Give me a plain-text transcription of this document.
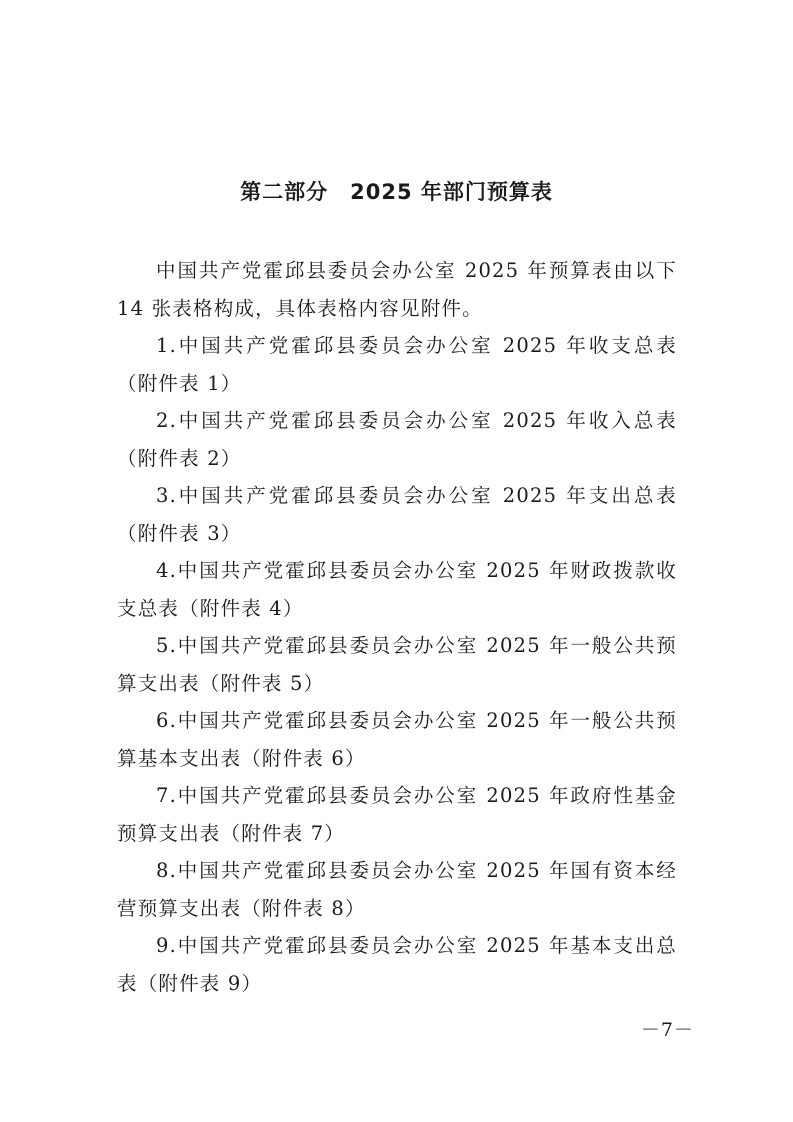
第二部分 2025 年部门预算表

中国共产党霍邱县委员会办公室 2025 年预算表由以下 14 张表格构成，具体表格内容见附件。

1.中国共产党霍邱县委员会办公室 2025 年收支总表（附件表 1）

2.中国共产党霍邱县委员会办公室 2025 年收入总表（附件表 2）

3.中国共产党霍邱县委员会办公室 2025 年支出总表（附件表 3）

4.中国共产党霍邱县委员会办公室 2025 年财政拨款收支总表（附件表 4）

5.中国共产党霍邱县委员会办公室 2025 年一般公共预算支出表（附件表 5）

6.中国共产党霍邱县委员会办公室 2025 年一般公共预算基本支出表（附件表 6）

7.中国共产党霍邱县委员会办公室 2025 年政府性基金预算支出表（附件表 7）

8.中国共产党霍邱县委员会办公室 2025 年国有资本经营预算支出表（附件表 8）

9.中国共产党霍邱县委员会办公室 2025 年基本支出总表（附件表 9）

－7－
